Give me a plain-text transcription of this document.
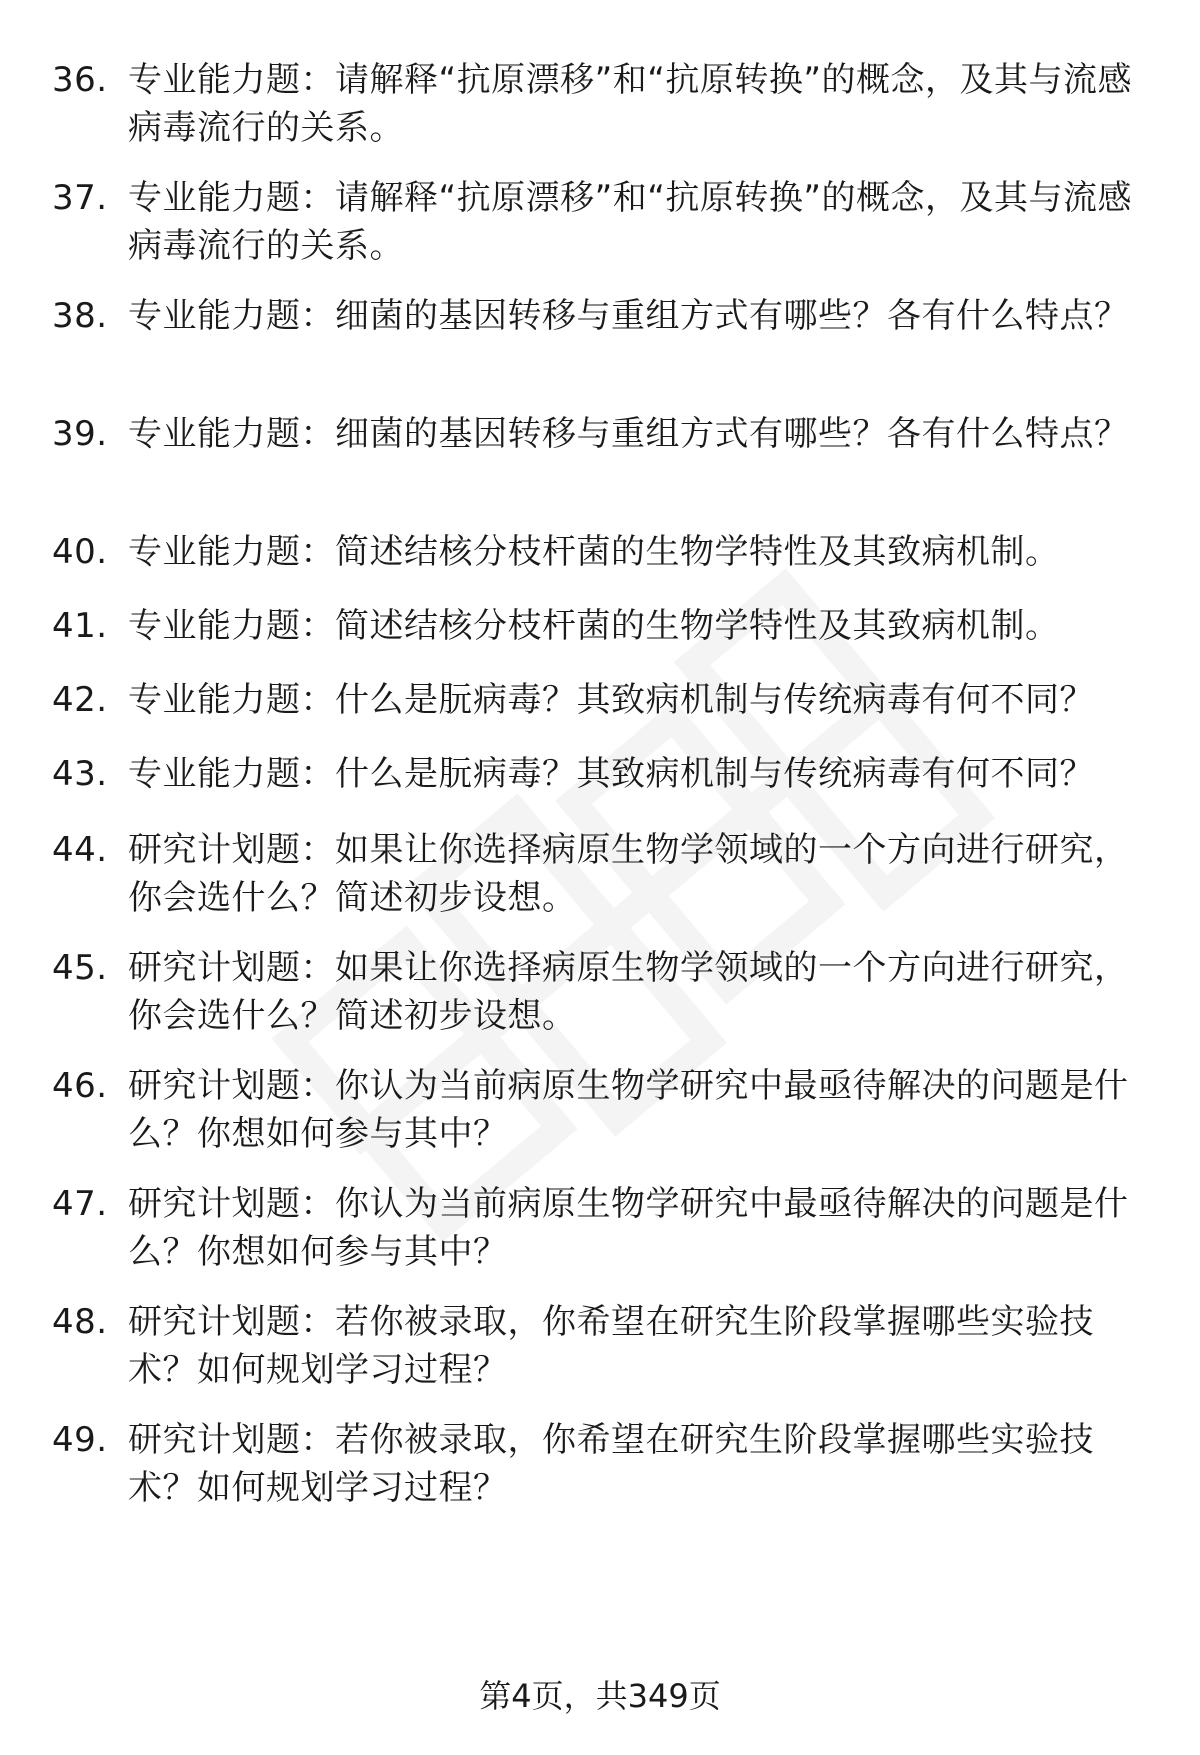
36. 专业能力题：请解释“抗原漂移”和“抗原转换”的概念，及其与流感病毒流行的关系。
37. 专业能力题：请解释“抗原漂移”和“抗原转换”的概念，及其与流感病毒流行的关系。
38. 专业能力题：细菌的基因转移与重组方式有哪些？各有什么特点？
39. 专业能力题：细菌的基因转移与重组方式有哪些？各有什么特点？
40. 专业能力题：简述结核分枝杆菌的生物学特性及其致病机制。
41. 专业能力题：简述结核分枝杆菌的生物学特性及其致病机制。
42. 专业能力题：什么是朊病毒？其致病机制与传统病毒有何不同？
43. 专业能力题：什么是朊病毒？其致病机制与传统病毒有何不同？
44. 研究计划题：如果让你选择病原生物学领域的一个方向进行研究，你会选什么？简述初步设想。
45. 研究计划题：如果让你选择病原生物学领域的一个方向进行研究，你会选什么？简述初步设想。
46. 研究计划题：你认为当前病原生物学研究中最亟待解决的问题是什么？你想如何参与其中？
47. 研究计划题：你认为当前病原生物学研究中最亟待解决的问题是什么？你想如何参与其中？
48. 研究计划题：若你被录取，你希望在研究生阶段掌握哪些实验技术？如何规划学习过程？
49. 研究计划题：若你被录取，你希望在研究生阶段掌握哪些实验技术？如何规划学习过程？
第4页，共349页
